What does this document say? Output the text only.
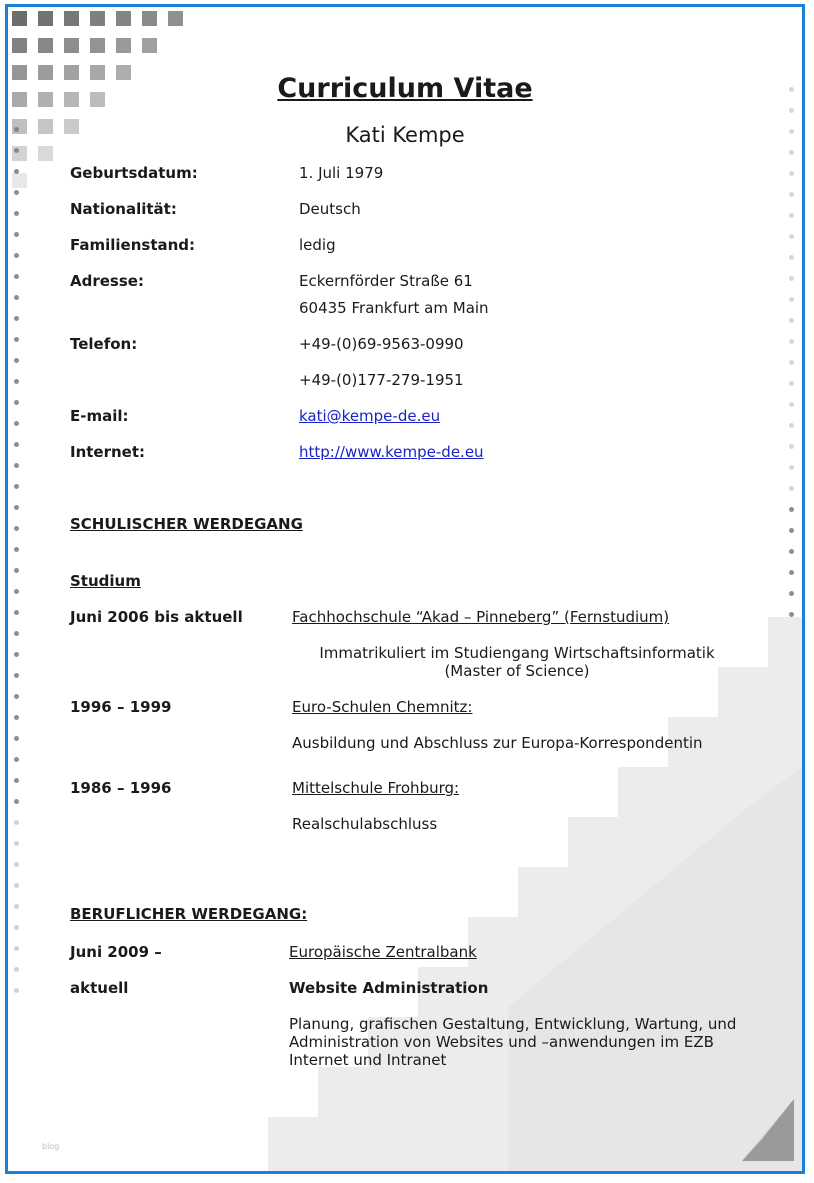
Curriculum Vitae
Kati Kempe
Geburtsdatum:	1. Juli 1979
Nationalität:	Deutsch
Familienstand:	ledig
Adresse:	Eckernförder Straße 61
60435 Frankfurt am Main
Telefon:	+49-(0)69-9563-0990
+49-(0)177-279-1951
E-mail:	kati@kempe-de.eu
Internet:	http://www.kempe-de.eu
SCHULISCHER WERDEGANG
Studium
Juni 2006 bis aktuell	Fachhochschule “Akad – Pinneberg” (Fernstudium)
Immatrikuliert im Studiengang Wirtschaftsinformatik
(Master of Science)
1996 – 1999	Euro-Schulen Chemnitz:
Ausbildung und Abschluss zur Europa-Korrespondentin
1986 – 1996	Mittelschule Frohburg:
Realschulabschluss
BERUFLICHER WERDEGANG:
Juni 2009 –	Europäische Zentralbank
aktuell	Website Administration
Planung, grafischen Gestaltung, Entwicklung, Wartung, und
Administration von Websites und –anwendungen im EZB
Internet und Intranet
blog
